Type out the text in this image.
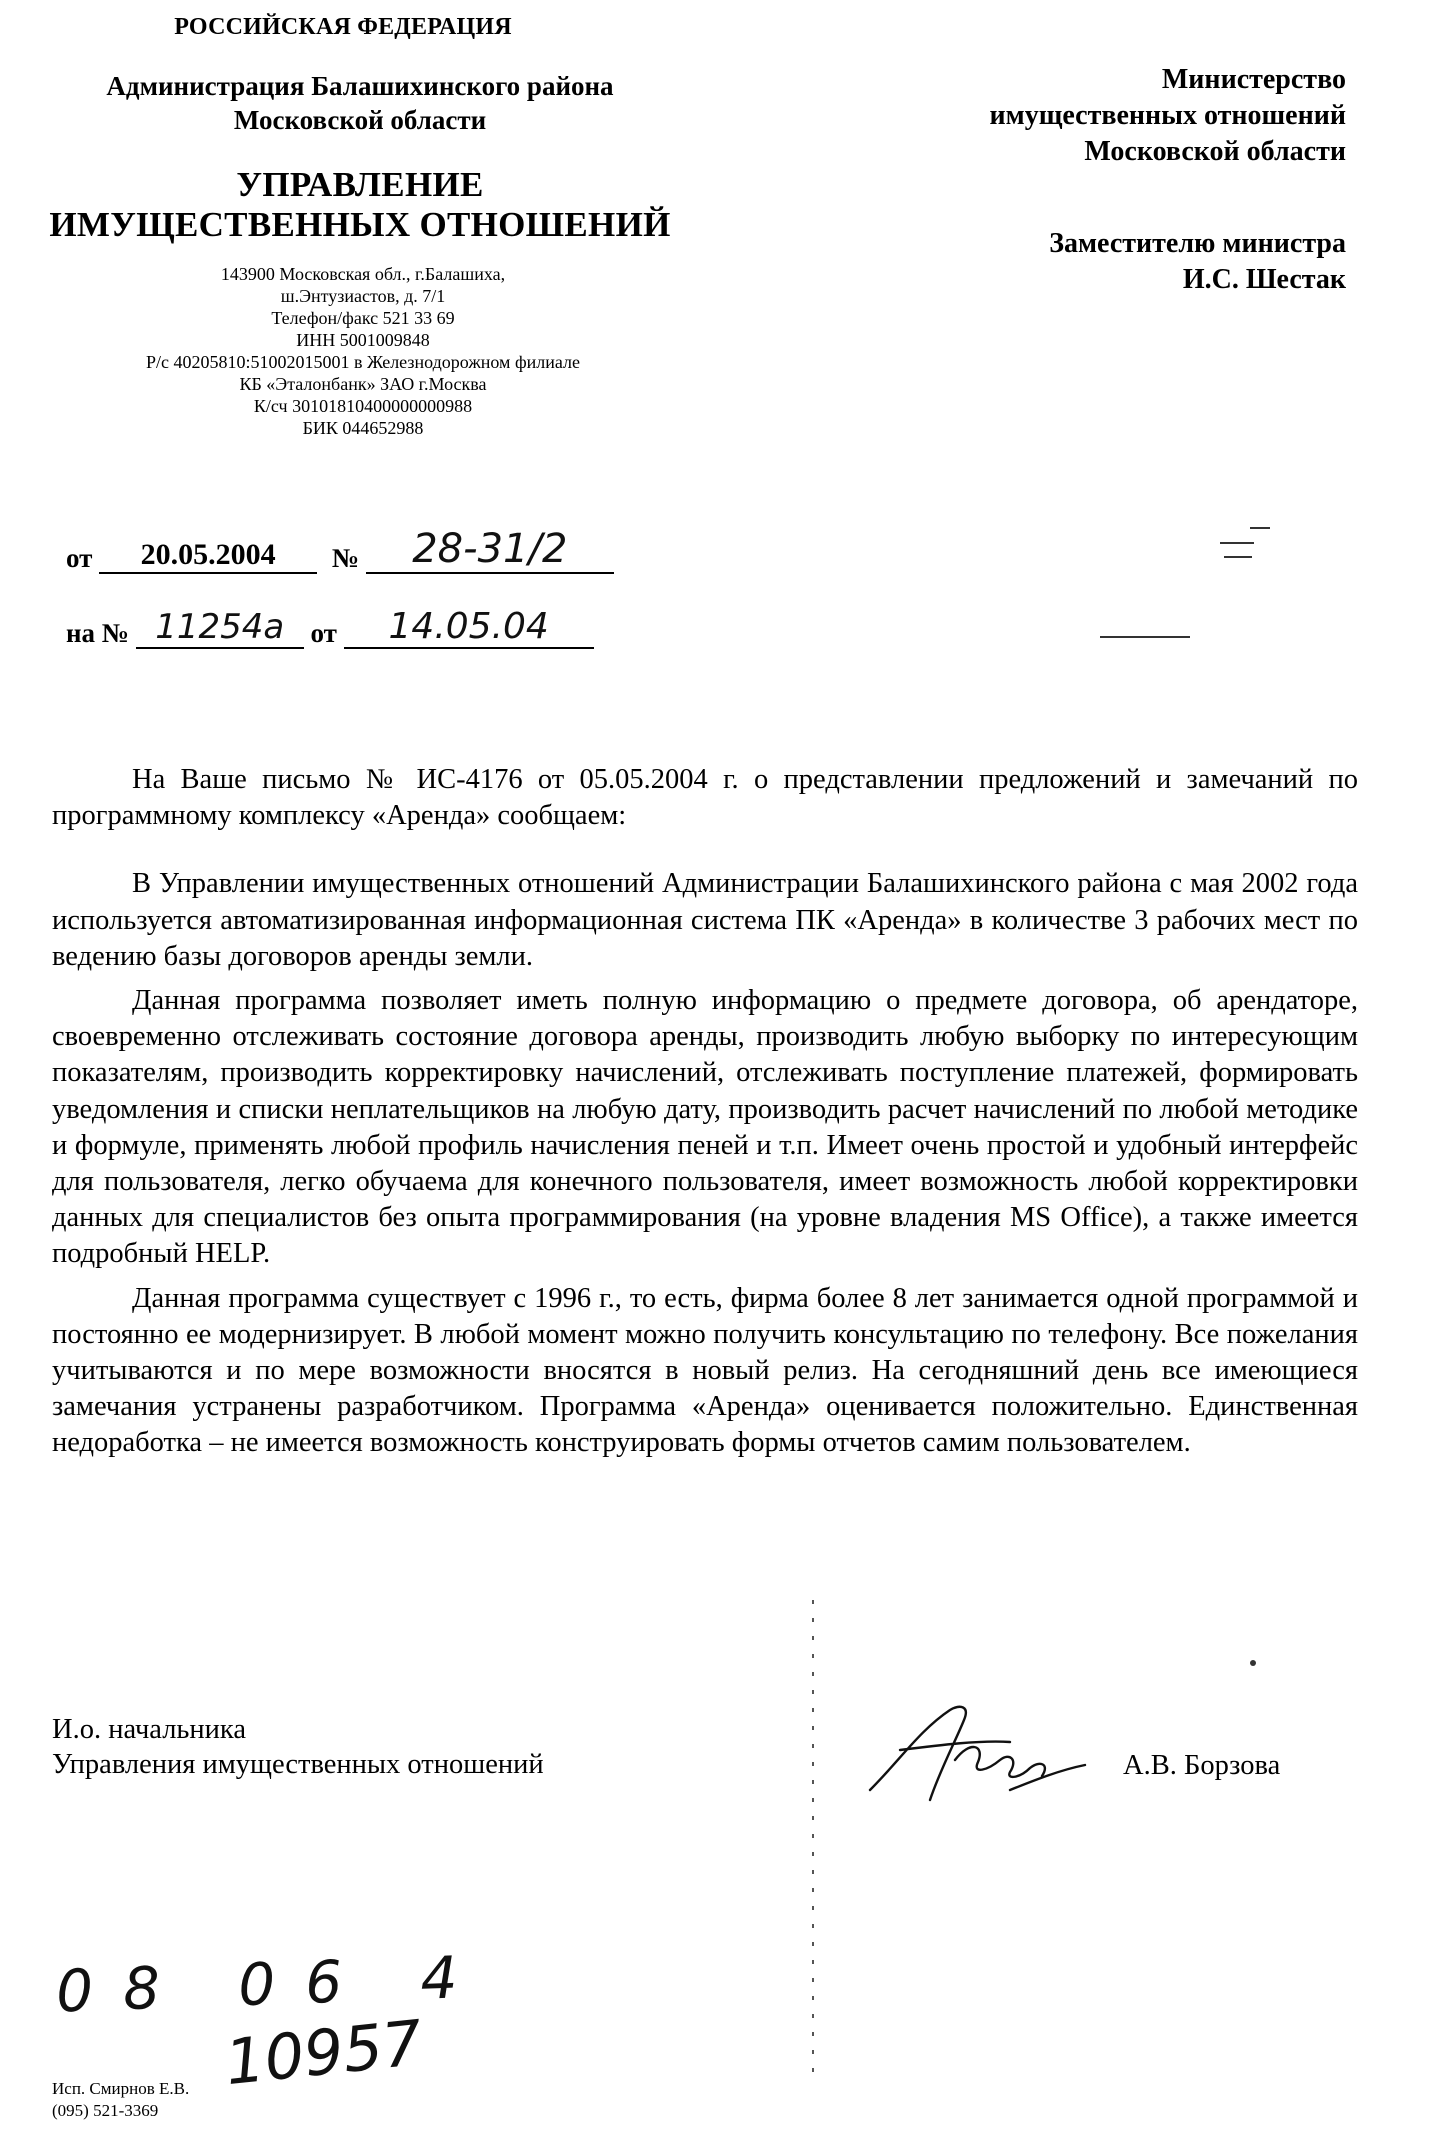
РОССИЙСКАЯ ФЕДЕРАЦИЯ
Администрация Балашихинского района
Московской области
УПРАВЛЕНИЕ
ИМУЩЕСТВЕННЫХ ОТНОШЕНИЙ
143900 Московская обл., г.Балашиха,
ш.Энтузиастов, д. 7/1
Телефон/факс 521 33 69
ИНН 5001009848
Р/с 40205810:51002015001 в Железнодорожном филиале
КБ «Эталонбанк» ЗАО г.Москва
К/сч 30101810400000000988
БИК 044652988
Министерство
имущественных отношений
Московской области
Заместителю министра
И.С. Шестак
от 20.05.2004 № 28-31/2
на № 11254а от 14.05.04

На Ваше письмо № ИС-4176 от 05.05.2004 г. о представлении предложений и замечаний по программному комплексу «Аренда» сообщаем:

В Управлении имущественных отношений Администрации Балашихинского района с мая 2002 года используется автоматизированная информационная система ПК «Аренда» в количестве 3 рабочих мест по ведению базы договоров аренды земли.

Данная программа позволяет иметь полную информацию о предмете договора, об арендаторе, своевременно отслеживать состояние договора аренды, производить любую выборку по интересующим показателям, производить корректировку начислений, отслеживать поступление платежей, формировать уведомления и списки неплательщиков на любую дату, производить расчет начислений по любой методике и формуле, применять любой профиль начисления пеней и т.п. Имеет очень простой и удобный интерфейс для пользователя, легко обучаема для конечного пользователя, имеет возможность любой корректировки данных для специалистов без опыта программирования (на уровне владения MS Office), а также имеется подробный HELP.

Данная программа существует с 1996 г., то есть, фирма более 8 лет занимается одной программой и постоянно ее модернизирует. В любой момент можно получить консультацию по телефону. Все пожелания учитываются и по мере возможности вносятся в новый релиз. На сегодняшний день все имеющиеся замечания устранены разработчиком. Программа «Аренда» оценивается положительно. Единственная недоработка – не имеется возможность конструировать формы отчетов самим пользователем.

И.о. начальника
Управления имущественных отношений	А.В. Борзова
08 06 4
10957
Исп. Смирнов Е.В.
(095) 521-3369
